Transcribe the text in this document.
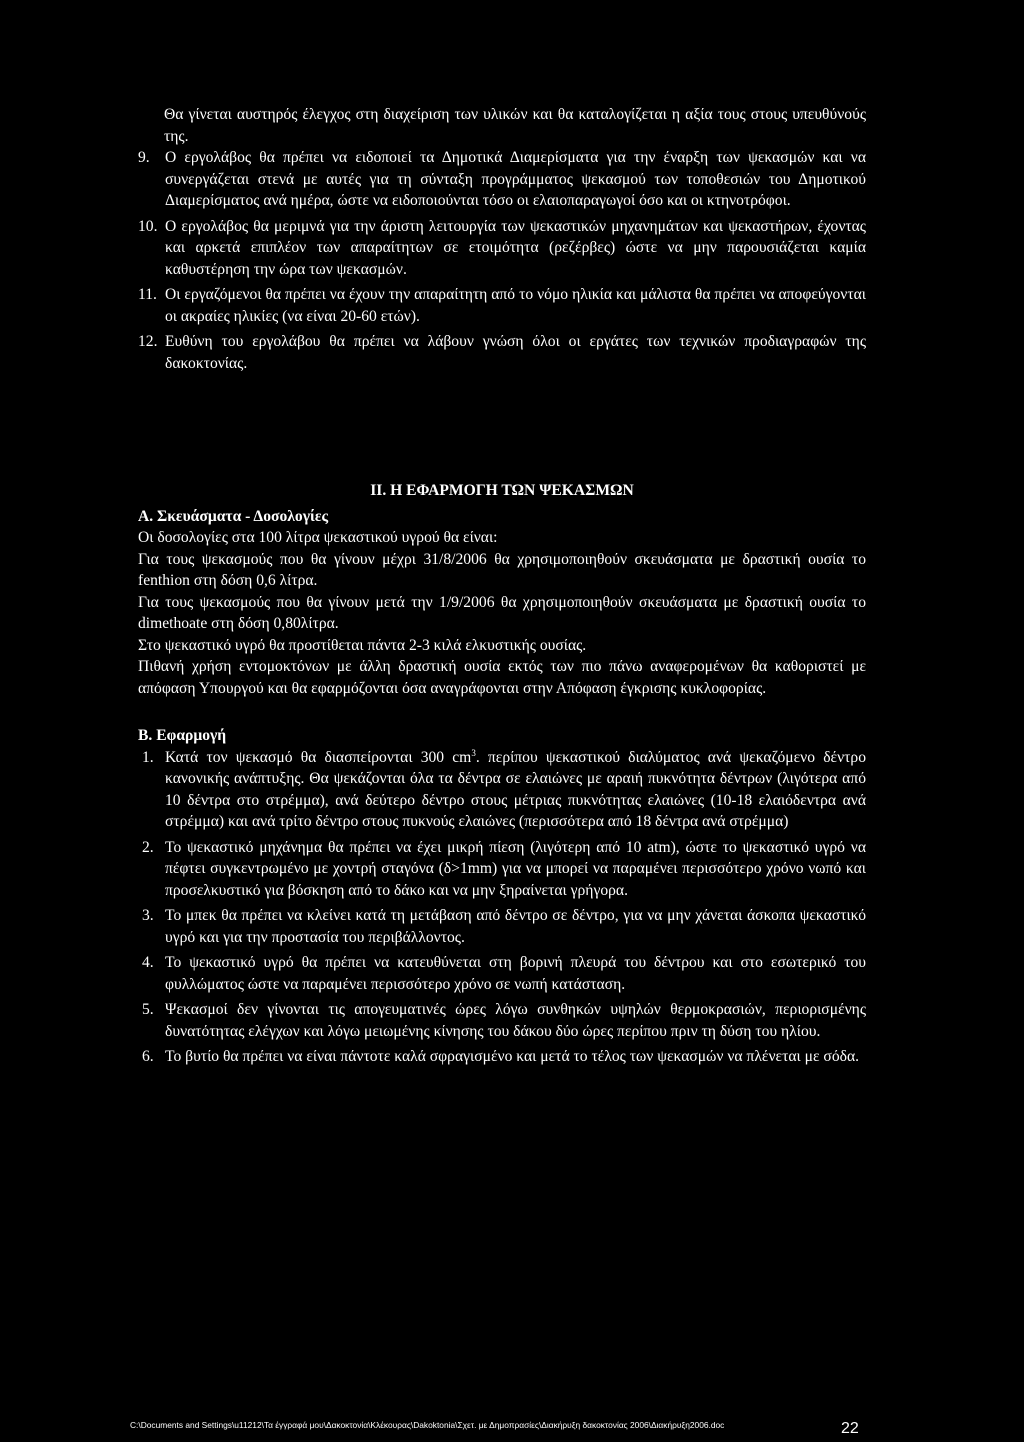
Θα γίνεται αυστηρός έλεγχος στη διαχείριση των υλικών και θα καταλογίζεται η αξία τους στους υπευθύνούς της.

9. Ο εργολάβος θα πρέπει να ειδοποιεί τα Δημοτικά Διαμερίσματα για την έναρξη των ψεκασμών και να συνεργάζεται στενά με αυτές για τη σύνταξη προγράμματος ψεκασμού των τοποθεσιών του Δημοτικού Διαμερίσματος ανά ημέρα, ώστε να ειδοποιούνται τόσο οι ελαιοπαραγωγοί όσο και οι κτηνοτρόφοι.
10. Ο εργολάβος θα μεριμνά για την άριστη λειτουργία των ψεκαστικών μηχανημάτων και ψεκαστήρων, έχοντας και αρκετά επιπλέον των απαραίτητων σε ετοιμότητα (ρεζέρβες) ώστε να μην παρουσιάζεται καμία καθυστέρηση την ώρα των ψεκασμών.
11. Οι εργαζόμενοι θα πρέπει να έχουν την απαραίτητη από το νόμο ηλικία και μάλιστα θα πρέπει να αποφεύγονται οι ακραίες ηλικίες (να είναι 20-60 ετών).
12. Ευθύνη του εργολάβου θα πρέπει να λάβουν γνώση όλοι οι εργάτες των τεχνικών προδιαγραφών της δακοκτονίας.

II. Η ΕΦΑΡΜΟΓΗ ΤΩΝ ΨΕΚΑΣΜΩΝ

Α. Σκευάσματα - Δοσολογίες

Οι δοσολογίες στα 100 λίτρα ψεκαστικού υγρού θα είναι:

Για τους ψεκασμούς που θα γίνουν μέχρι 31/8/2006 θα χρησιμοποιηθούν σκευάσματα με δραστική ουσία το fenthion στη δόση 0,6 λίτρα.

Για τους ψεκασμούς που θα γίνουν μετά την 1/9/2006 θα χρησιμοποιηθούν σκευάσματα με δραστική ουσία το dimethoate στη δόση 0,80λίτρα.

Στο ψεκαστικό υγρό θα προστίθεται πάντα 2-3 κιλά ελκυστικής ουσίας.

Πιθανή χρήση εντομοκτόνων με άλλη δραστική ουσία εκτός των πιο πάνω αναφερομένων θα καθοριστεί με απόφαση Υπουργού και θα εφαρμόζονται όσα αναγράφονται στην Απόφαση έγκρισης κυκλοφορίας.

Β. Εφαρμογή

1. Κατά τον ψεκασμό θα διασπείρονται 300 $cm^3$. περίπου ψεκαστικού διαλύματος ανά ψεκαζόμενο δέντρο κανονικής ανάπτυξης. Θα ψεκάζονται όλα τα δέντρα σε ελαιώνες με αραιή πυκνότητα δέντρων (λιγότερα από 10 δέντρα στο στρέμμα), ανά δεύτερο δέντρο στους μέτριας πυκνότητας ελαιώνες (10-18 ελαιόδεντρα ανά στρέμμα) και ανά τρίτο δέντρο στους πυκνούς ελαιώνες (περισσότερα από 18 δέντρα ανά στρέμμα)
2. Το ψεκαστικό μηχάνημα θα πρέπει να έχει μικρή πίεση (λιγότερη από 10 atm), ώστε το ψεκαστικό υγρό να πέφτει συγκεντρωμένο με χοντρή σταγόνα (δ>1mm) για να μπορεί να παραμένει περισσότερο χρόνο νωπό και προσελκυστικό για βόσκηση από το δάκο και να μην ξηραίνεται γρήγορα.
3. Το μπεκ θα πρέπει να κλείνει κατά τη μετάβαση από δέντρο σε δέντρο, για να μην χάνεται άσκοπα ψεκαστικό υγρό και για την προστασία του περιβάλλοντος.
4. Το ψεκαστικό υγρό θα πρέπει να κατευθύνεται στη βορινή πλευρά του δέντρου και στο εσωτερικό του φυλλώματος ώστε να παραμένει περισσότερο χρόνο σε νωπή κατάσταση.
5. Ψεκασμοί δεν γίνονται τις απογευματινές ώρες λόγω συνθηκών υψηλών θερμοκρασιών, περιορισμένης δυνατότητας ελέγχων και λόγω μειωμένης κίνησης του δάκου δύο ώρες περίπου πριν τη δύση του ηλίου.
6. Το βυτίο θα πρέπει να είναι πάντοτε καλά σφραγισμένο και μετά το τέλος των ψεκασμών να πλένεται με σόδα.
C:\Documents and Settings\u11212\Τα έγγραφά μου\Δακοκτονία\Κλέκουρας\Dakoktonia\Σχετ. με Δημοπρασίες\Διακήρυξη δακοκτονίας 2006\Διακήρυξη2006.doc	22
